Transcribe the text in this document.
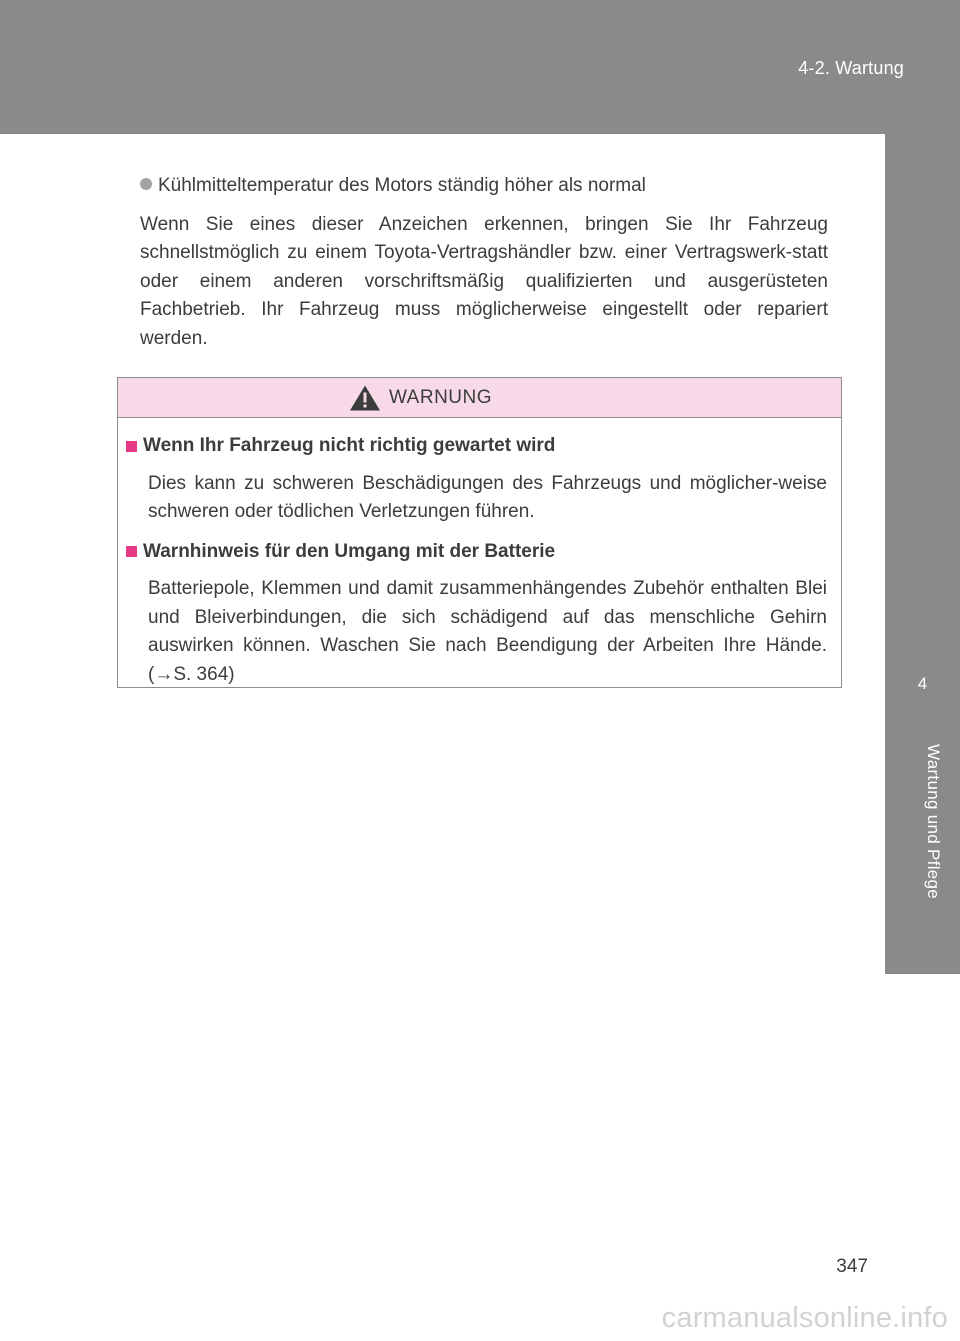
4-2. Wartung
4
Wartung und Pflege
Kühlmitteltemperatur des Motors ständig höher als normal

Wenn Sie eines dieser Anzeichen erkennen, bringen Sie Ihr Fahrzeug schnellstmöglich zu einem Toyota-Vertragshändler bzw. einer Vertragswerk-statt oder einem anderen vorschriftsmäßig qualifizierten und ausgerüsteten Fachbetrieb. Ihr Fahrzeug muss möglicherweise eingestellt oder repariert werden.

WARNUNG
Wenn Ihr Fahrzeug nicht richtig gewartet wird

Dies kann zu schweren Beschädigungen des Fahrzeugs und möglicher-weise schweren oder tödlichen Verletzungen führen.

Warnhinweis für den Umgang mit der Batterie

Batteriepole, Klemmen und damit zusammenhängendes Zubehör enthalten Blei und Bleiverbindungen, die sich schädigend auf das menschliche Gehirn auswirken können. Waschen Sie nach Beendigung der Arbeiten Ihre Hände. (→S. 364)

347
carmanualsonline.info
